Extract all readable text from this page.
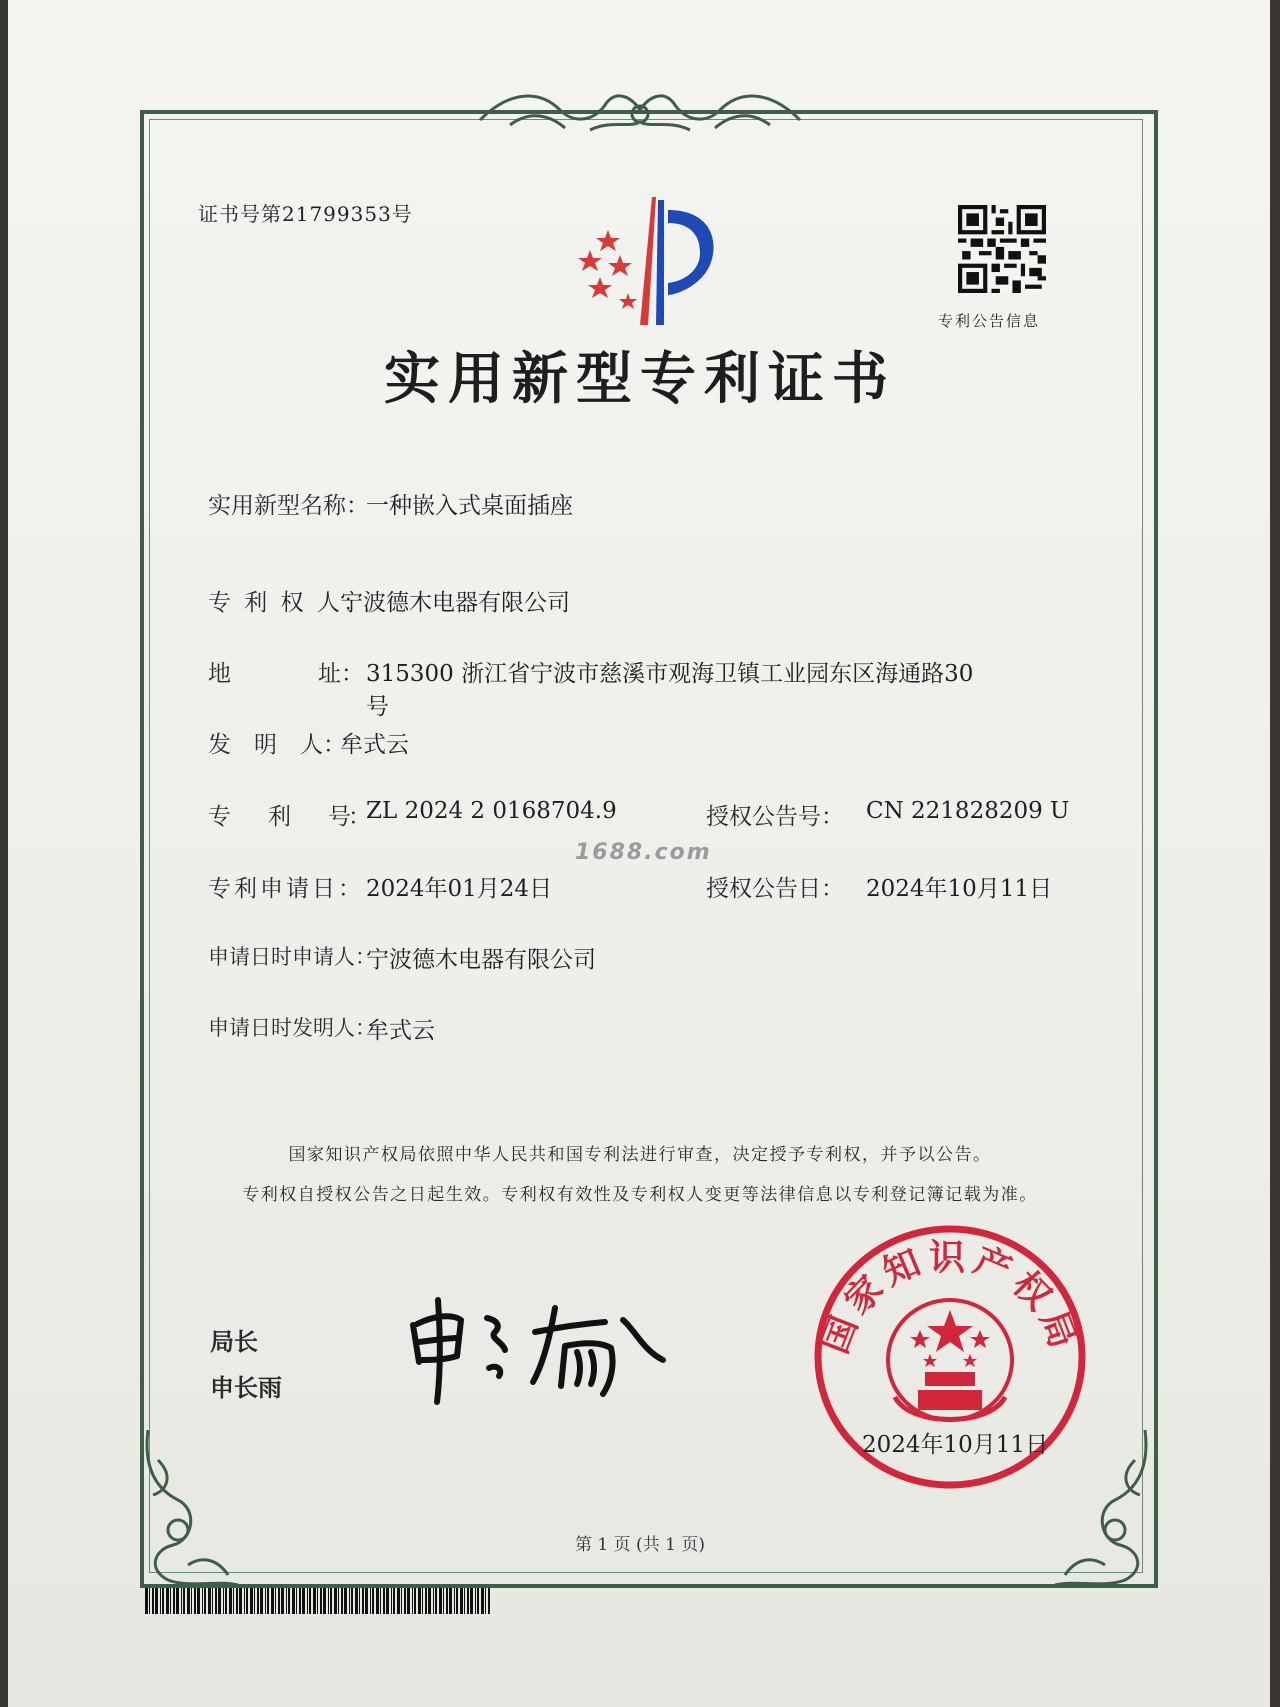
证书号第21799353号
专利公告信息
实用新型专利证书
实用新型名称：
一种嵌入式桌面插座
专 利 权 人：
宁波德木电器有限公司
地	址： 315300 浙江省宁波市慈溪市观海卫镇工业园东区海通路30
号
发　明　人：
牟式云
专　　利　　号：
ZL 2024 2 0168704.9	授权公告号： CN 221828209 U
1688.com
专利申请日： 2024年01月24日	授权公告日： 2024年10月11日
申请日时申请人：
宁波德木电器有限公司
申请日时发明人：
牟式云
国家知识产权局依照中华人民共和国专利法进行审查，决定授予专利权，并予以公告。
专利权自授权公告之日起生效。专利权有效性及专利权人变更等法律信息以专利登记簿记载为准。
局长
申长雨
国家知识产权局
2024年10月11日
第 1 页 (共 1 页)
